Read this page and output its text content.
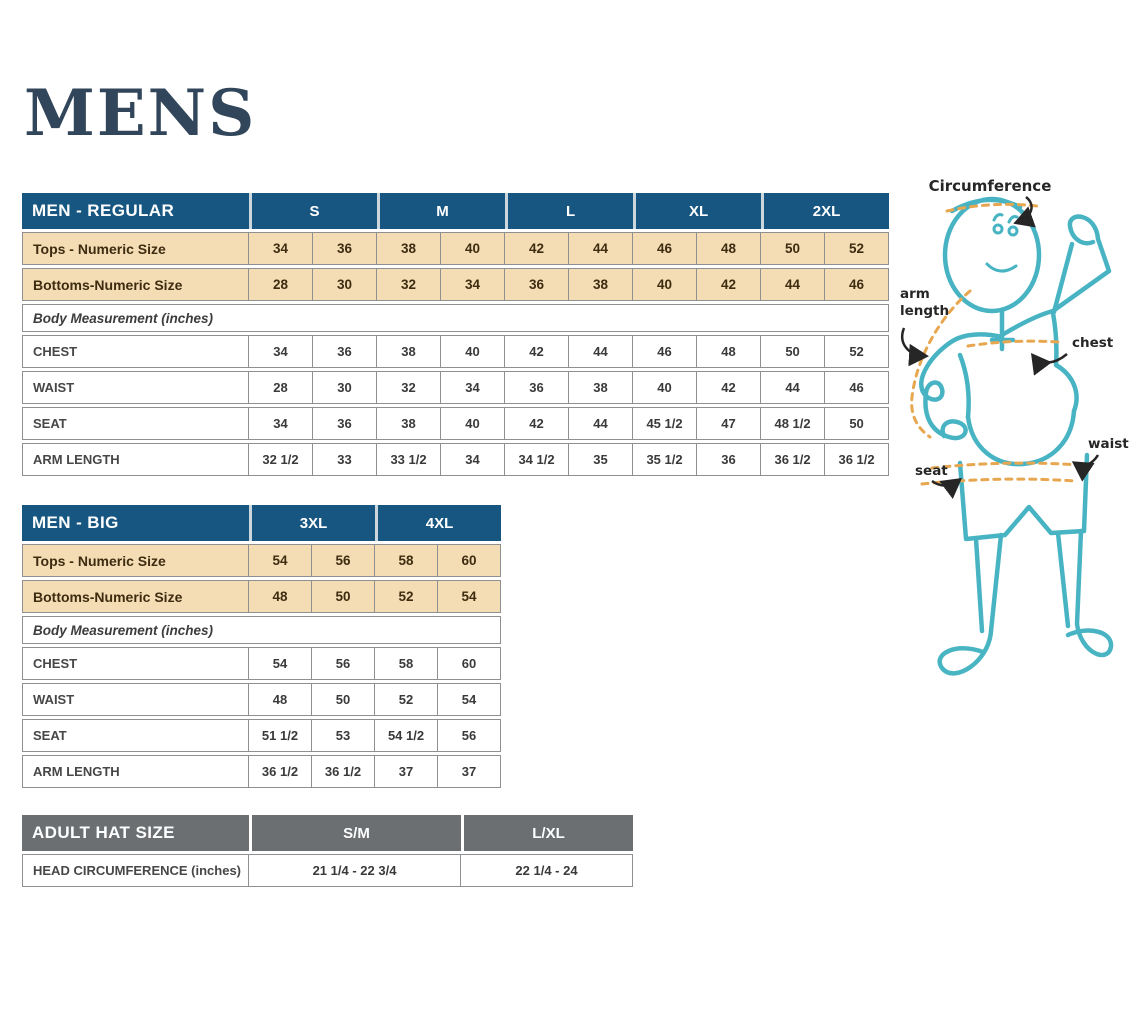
MENS
MEN - REGULAR	S		M		L		XL		2XL	
Tops - Numeric Size	34	36	38	40	42	44	46	48	50	52
Bottoms-Numeric Size	28	30	32	34	36	38	40	42	44	46
Body Measurement (inches)										
CHEST	34	36	38	40	42	44	46	48	50	52
WAIST	28	30	32	34	36	38	40	42	44	46
SEAT	34	36	38	40	42	44	45 1/2	47	48 1/2	50
ARM LENGTH	32 1/2	33	33 1/2	34	34 1/2	35	35 1/2	36	36 1/2	36 1/2
MEN - BIG	3XL		4XL	
Tops - Numeric Size	54	56	58	60
Bottoms-Numeric Size	48	50	52	54
Body Measurement (inches)				
CHEST	54	56	58	60
WAIST	48	50	52	54
SEAT	51 1/2	53	54 1/2	56
ARM LENGTH	36 1/2	36 1/2	37	37
ADULT HAT SIZE	S/M	L/XL
HEAD CIRCUMFERENCE (inches)	21 1/4 - 22 3/4	22 1/4 - 24
Circumference
arm
length
chest
waist
seat
